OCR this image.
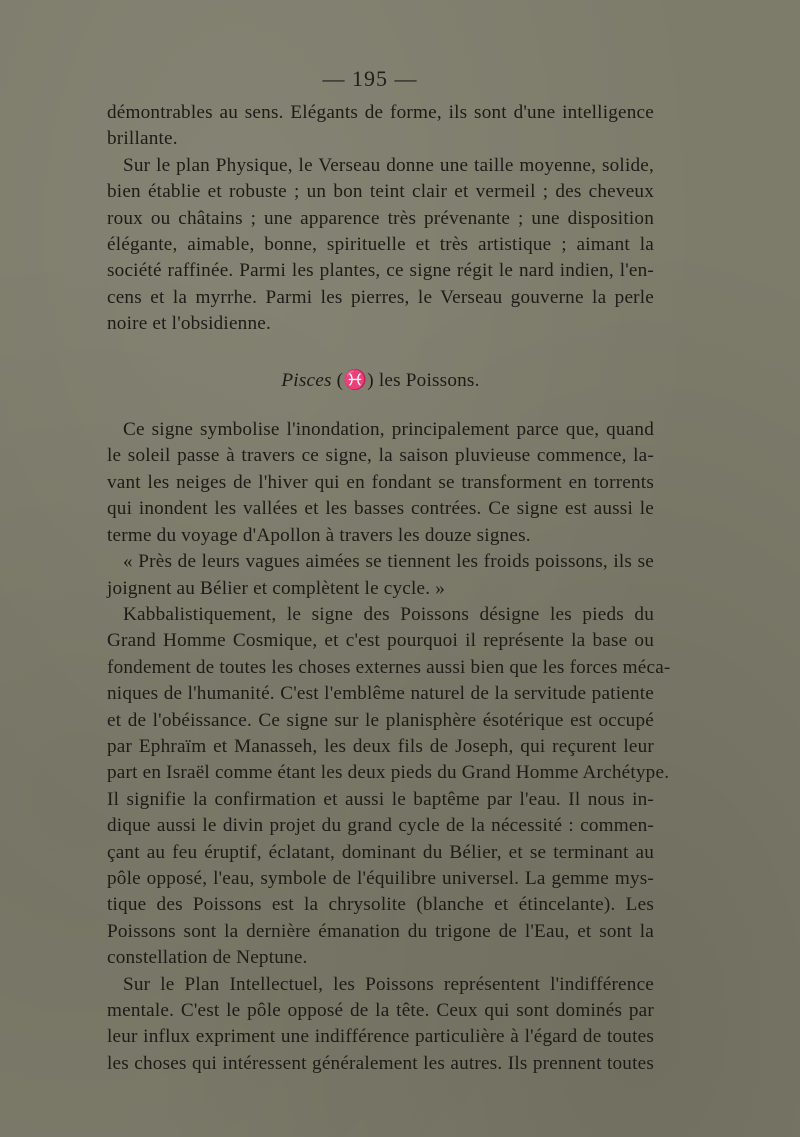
— 195 —
démontrables au sens. Elégants de forme, ils sont d'une intelligence
brillante.
Sur le plan Physique, le Verseau donne une taille moyenne, solide,
bien établie et robuste ; un bon teint clair et vermeil ; des cheveux
roux ou châtains ; une apparence très prévenante ; une disposition
élégante, aimable, bonne, spirituelle et très artistique ; aimant la
société raffinée. Parmi les plantes, ce signe régit le nard indien, l'en-
cens et la myrrhe. Parmi les pierres, le Verseau gouverne la perle
noire et l'obsidienne.
Pisces (♓) les Poissons.
Ce signe symbolise l'inondation, principalement parce que, quand
le soleil passe à travers ce signe, la saison pluvieuse commence, la-
vant les neiges de l'hiver qui en fondant se transforment en torrents
qui inondent les vallées et les basses contrées. Ce signe est aussi le
terme du voyage d'Apollon à travers les douze signes.
« Près de leurs vagues aimées se tiennent les froids poissons, ils se
joignent au Bélier et complètent le cycle. »
Kabbalistiquement, le signe des Poissons désigne les pieds du
Grand Homme Cosmique, et c'est pourquoi il représente la base ou
fondement de toutes les choses externes aussi bien que les forces méca-
niques de l'humanité. C'est l'emblême naturel de la servitude patiente
et de l'obéissance. Ce signe sur le planisphère ésotérique est occupé
par Ephraïm et Manasseh, les deux fils de Joseph, qui reçurent leur
part en Israël comme étant les deux pieds du Grand Homme Archétype.
Il signifie la confirmation et aussi le baptême par l'eau. Il nous in-
dique aussi le divin projet du grand cycle de la nécessité : commen-
çant au feu éruptif, éclatant, dominant du Bélier, et se terminant au
pôle opposé, l'eau, symbole de l'équilibre universel. La gemme mys-
tique des Poissons est la chrysolite (blanche et étincelante). Les
Poissons sont la dernière émanation du trigone de l'Eau, et sont la
constellation de Neptune.
Sur le Plan Intellectuel, les Poissons représentent l'indifférence
mentale. C'est le pôle opposé de la tête. Ceux qui sont dominés par
leur influx expriment une indifférence particulière à l'égard de toutes
les choses qui intéressent généralement les autres. Ils prennent toutes
